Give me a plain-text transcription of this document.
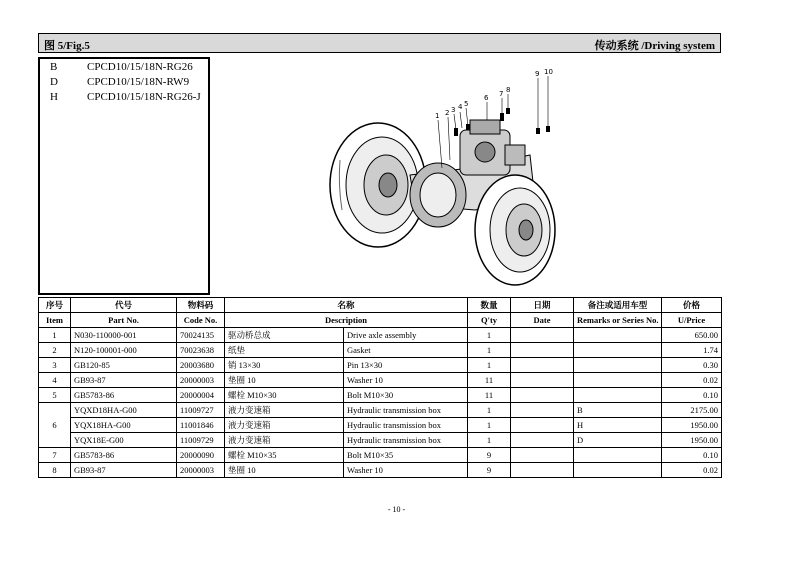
图 5/Fig.5	传动系统 /Driving system
B	CPCD10/15/18N-RG26
D	CPCD10/15/18N-RW9
H	CPCD10/15/18N-RG26-J
1 2 3 4 5
6 7 8
9 10
序号	代号	物料码	名称		数量	日期	备注或适用车型	价格
Item	Part No.	Code No.	Description		Q'ty	Date	Remarks or Series No.	U/Price
1	N030-110000-001	70024135	驱动桥总成	Drive axle assembly	1			650.00
2	N120-100001-000	70023638	纸垫	Gasket	1			1.74
3	GB120-85	20003680	销 13×30	Pin 13×30	1			0.30
4	GB93-87	20000003	垫圈 10	Washer 10	11			0.02
5	GB5783-86	20000004	螺栓 M10×30	Bolt M10×30	11			0.10
6	YQXD18HA-G00	11009727	液力变速箱	Hydraulic transmission box	1		B	2175.00
	YQX18HA-G00	11001846	液力变速箱	Hydraulic transmission box	1		H	1950.00
	YQX18E-G00	11009729	液力变速箱	Hydraulic transmission box	1		D	1950.00
7	GB5783-86	20000090	螺栓 M10×35	Bolt M10×35	9			0.10
8	GB93-87	20000003	垫圈 10	Washer 10	9			0.02
- 10 -
